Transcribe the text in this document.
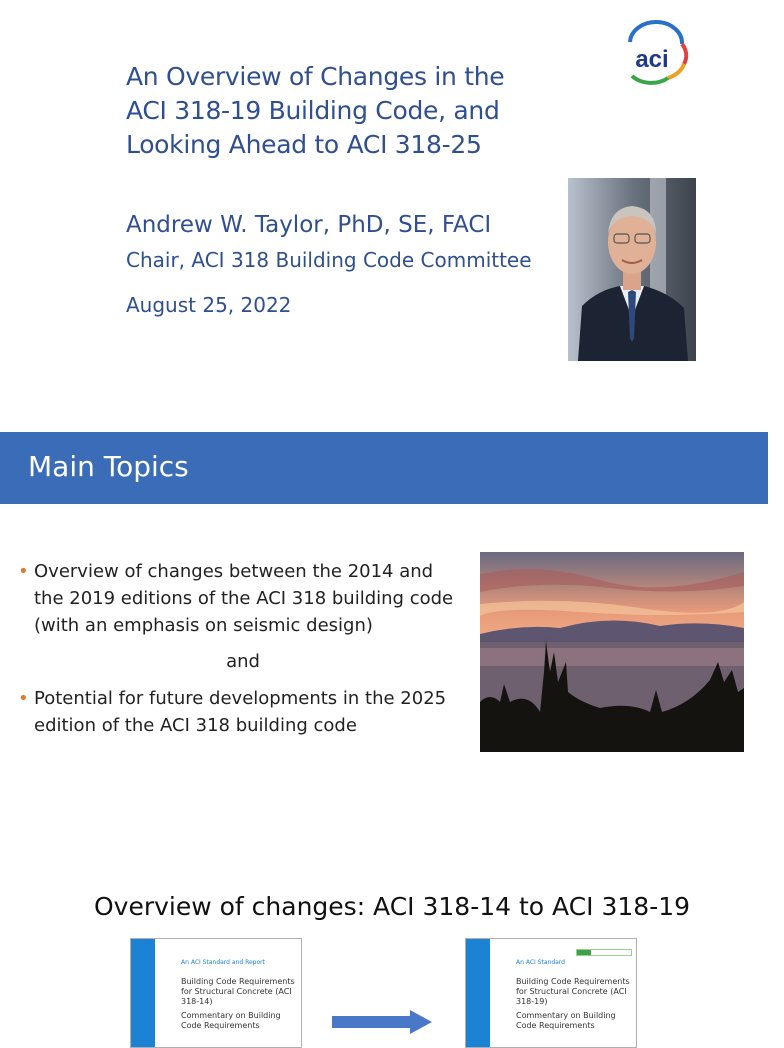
An Overview of Changes in the
ACI 318-19 Building Code, and
Looking Ahead to ACI 318-25
Andrew W. Taylor, PhD, SE, FACI
Chair, ACI 318 Building Code Committee
August 25, 2022
aci
Main Topics
• Overview of changes between the 2014 and the 2019 editions of the ACI 318 building code (with an emphasis on seismic design)
and
• Potential for future developments in the 2025 edition of the ACI 318 building code
Overview of changes: ACI 318-14 to ACI 318-19
An ACI Standard and Report
Building Code Requirements for Structural Concrete (ACI 318-14)
Commentary on Building Code Requirements
An ACI Standard
Building Code Requirements for Structural Concrete (ACI 318-19)
Commentary on Building Code Requirements
